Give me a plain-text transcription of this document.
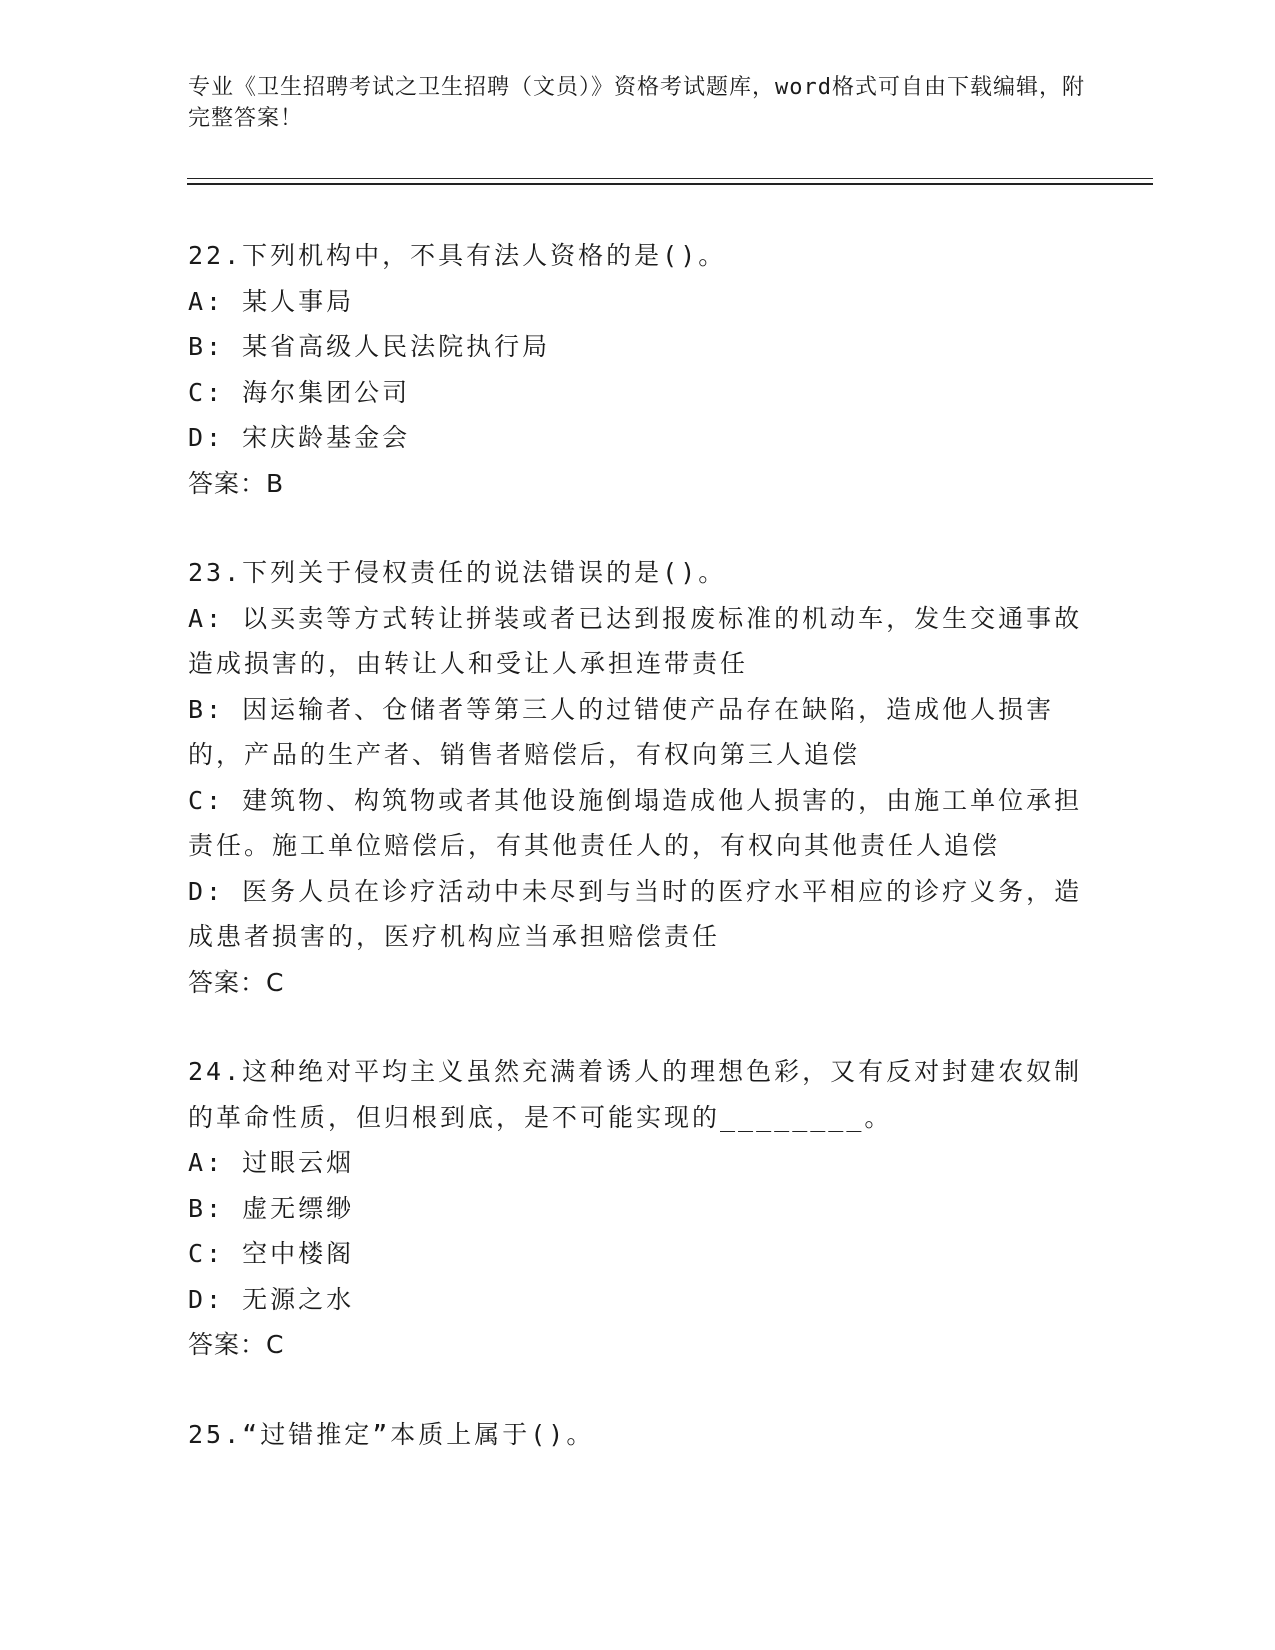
专业《卫生招聘考试之卫生招聘（文员）》资格考试题库，word格式可自由下载编辑，附完整答案！
22.下列机构中，不具有法人资格的是()。
A: 某人事局
B: 某省高级人民法院执行局
C: 海尔集团公司
D: 宋庆龄基金会
答案：B
23.下列关于侵权责任的说法错误的是()。
A: 以买卖等方式转让拼装或者已达到报废标准的机动车，发生交通事故造成损害的，由转让人和受让人承担连带责任
B: 因运输者、仓储者等第三人的过错使产品存在缺陷，造成他人损害的，产品的生产者、销售者赔偿后，有权向第三人追偿
C: 建筑物、构筑物或者其他设施倒塌造成他人损害的，由施工单位承担责任。施工单位赔偿后，有其他责任人的，有权向其他责任人追偿
D: 医务人员在诊疗活动中未尽到与当时的医疗水平相应的诊疗义务，造成患者损害的，医疗机构应当承担赔偿责任
答案：C
24.这种绝对平均主义虽然充满着诱人的理想色彩，又有反对封建农奴制的革命性质，但归根到底，是不可能实现的________。
A: 过眼云烟
B: 虚无缥缈
C: 空中楼阁
D: 无源之水
答案：C
25.“过错推定”本质上属于()。
